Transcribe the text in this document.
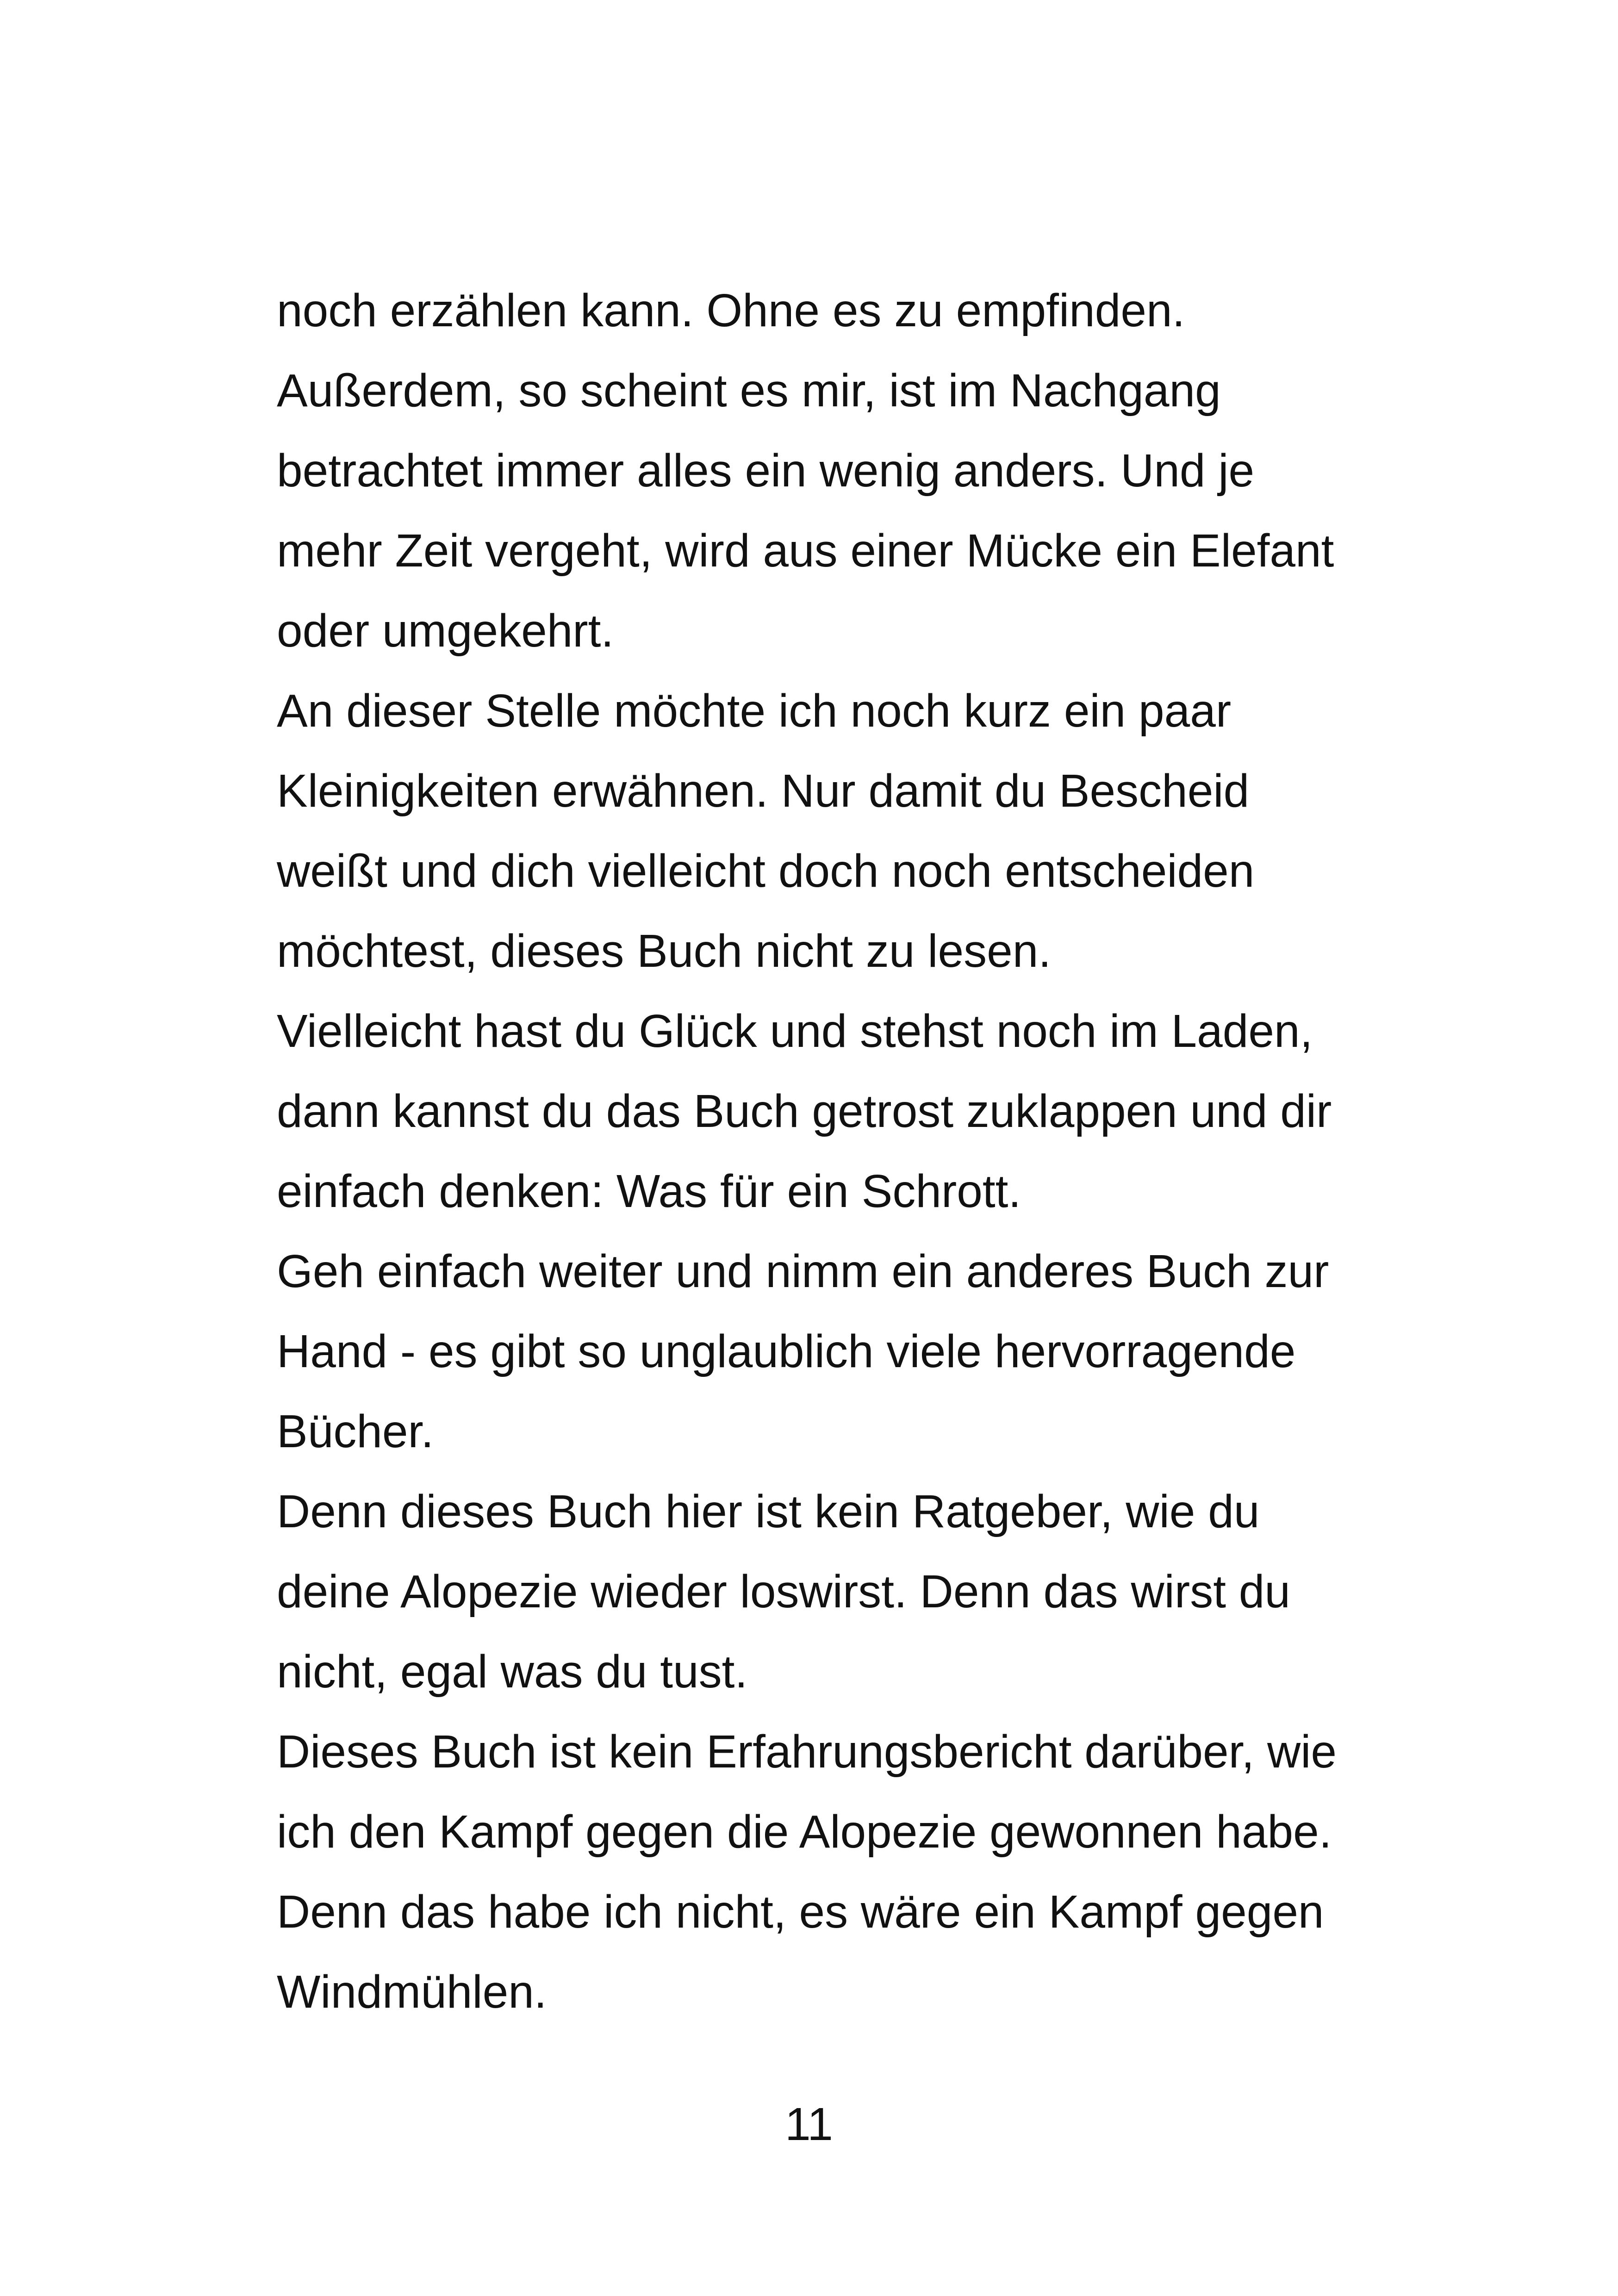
noch erzählen kann. Ohne es zu empfinden.
Außerdem, so scheint es mir, ist im Nachgang
betrachtet immer alles ein wenig anders. Und je
mehr Zeit vergeht, wird aus einer Mücke ein Elefant
oder umgekehrt.
An dieser Stelle möchte ich noch kurz ein paar
Kleinigkeiten erwähnen. Nur damit du Bescheid
weißt und dich vielleicht doch noch entscheiden
möchtest, dieses Buch nicht zu lesen.
Vielleicht hast du Glück und stehst noch im Laden,
dann kannst du das Buch getrost zuklappen und dir
einfach denken: Was für ein Schrott.
Geh einfach weiter und nimm ein anderes Buch zur
Hand - es gibt so unglaublich viele hervorragende
Bücher.
Denn dieses Buch hier ist kein Ratgeber, wie du
deine Alopezie wieder loswirst. Denn das wirst du
nicht, egal was du tust.
Dieses Buch ist kein Erfahrungsbericht darüber, wie
ich den Kampf gegen die Alopezie gewonnen habe.
Denn das habe ich nicht, es wäre ein Kampf gegen
Windmühlen.
11
